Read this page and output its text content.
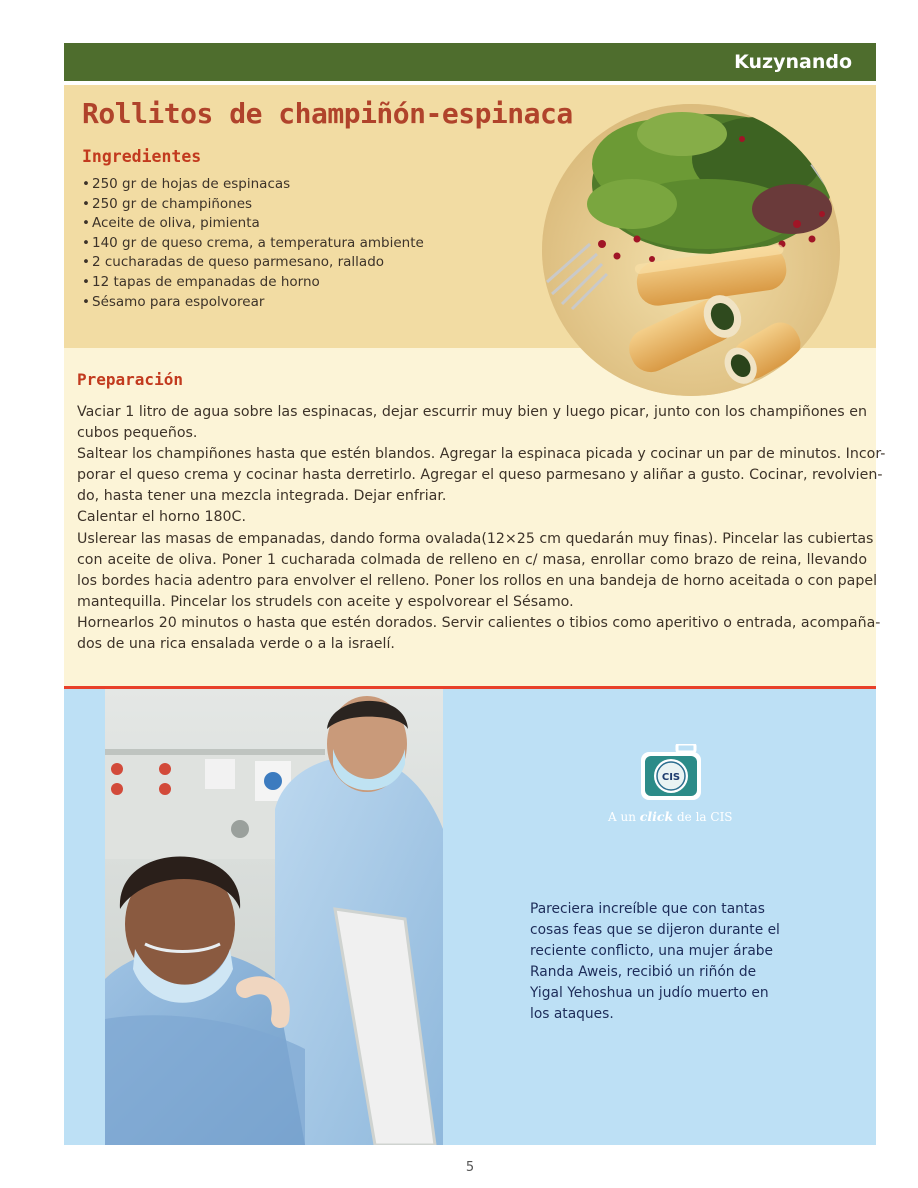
Kuzynando
Rollitos de champiñón-espinaca
Ingredientes
• 250 gr de hojas de espinacas
• 250 gr de champiñones
• Aceite de oliva, pimienta
• 140 gr de queso crema, a temperatura ambiente
• 2 cucharadas de queso parmesano, rallado
• 12 tapas de empanadas de horno
• Sésamo para espolvorear
Preparación
Vaciar 1 litro de agua sobre las espinacas, dejar escurrir muy bien y luego picar, junto con los champiñones en
cubos pequeños.
Saltear los champiñones hasta que estén blandos. Agregar la espinaca picada y cocinar un par de minutos. Incor-
porar el queso crema y cocinar hasta derretirlo. Agregar el queso parmesano y aliñar a gusto. Cocinar, revolvien-
do, hasta tener una mezcla integrada. Dejar enfriar.
Calentar el horno 180C.
Uslerear las masas de empanadas, dando forma ovalada(12×25 cm quedarán muy finas). Pincelar las cubiertas
con aceite de oliva. Poner 1 cucharada colmada de relleno en c/ masa, enrollar como brazo de reina, llevando
los bordes hacia adentro para envolver el relleno. Poner los rollos en una bandeja de horno aceitada o con papel
mantequilla. Pincelar los strudels con aceite y espolvorear el Sésamo.
Hornearlos 20 minutos o hasta que estén dorados. Servir calientes o tibios como aperitivo o entrada, acompaña-
dos de una rica ensalada verde o a la israelí.
CIS
A un click de la CIS
Pareciera increíble que con tantas
cosas feas que se dijeron durante el
reciente conflicto, una mujer árabe
Randa Aweis, recibió un riñón de
Yigal Yehoshua un judío muerto en
los ataques.
5
